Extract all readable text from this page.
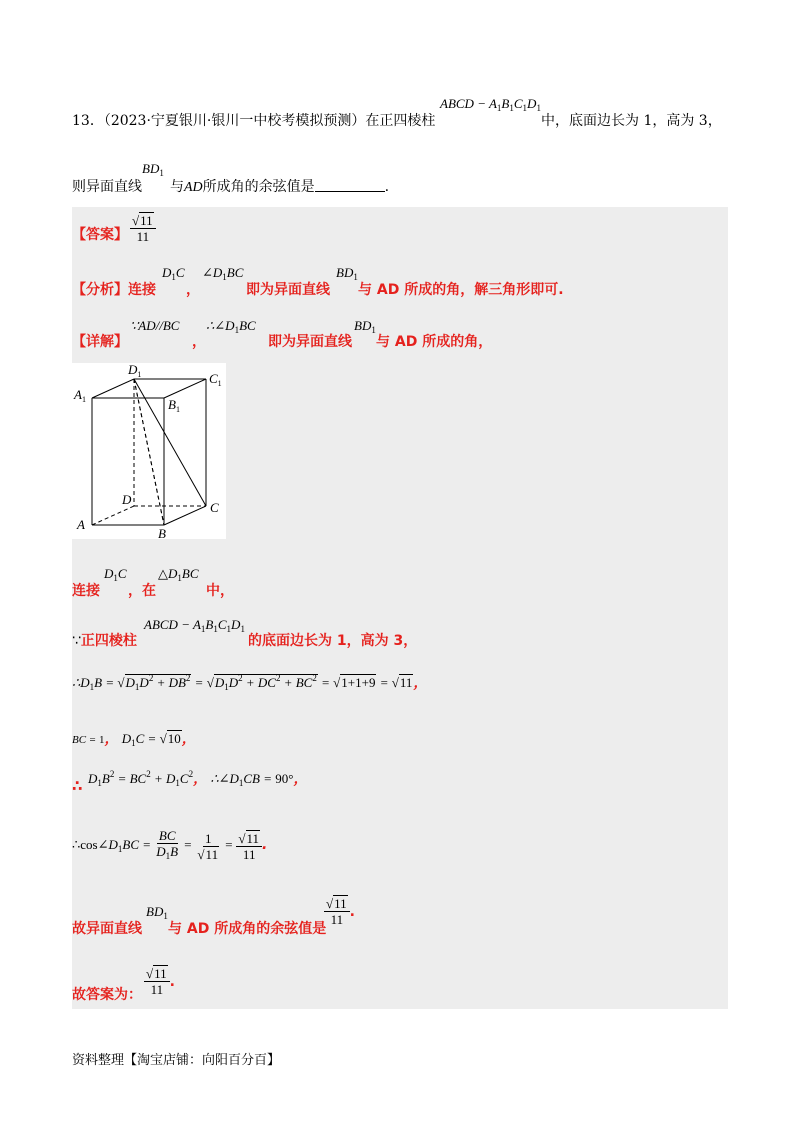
13．（2023·宁夏银川·银川一中校考模拟预测）在正四棱柱
ABCD − $A_1B_1C_1D_1$
中，底面边长为 1，高为 3，
则异面直线
$BD_1$
与AD所成角的余弦值是	.
【答案】 $\frac{√11}{11}$
【分析】连接
$D_1C$
，
$\angle D_1BC$
即为异面直线
$BD_1$
与 AD 所成的角，解三角形即可.
【详解】
∵AD//BC
，
$\therefore\angle D_1BC$
即为异面直线
$BD_1$
与 AD 所成的角，
$D_1$	$C_1$
$A_1$	$B_1$
D
C
A
B
连接
$D_1C$
，在
$\triangle D_1BC$
中，
∵正四棱柱
ABCD − $A_1B_1C_1D_1$
的底面边长为 1，高为 3，
$\therefore D_1B = √D_1D^2 + DB^2 = √D_1D^2 + DC^2 + BC^2 = √1+1+9 = √11$，
BC = 1， $D_1C = √10$，
∴ $D_1B^2 = BC^2 + D_1C^2$， $\therefore\angle D_1CB = 90^\circ$，
$\therefore\cos\angle D_1BC = \frac{BC}{D_1B} = \frac{1}{√11} = \frac{√11}{11}$ .
故异面直线
$BD_1$
与 AD 所成角的余弦值是
$\frac{√11}{11}$ .
故答案为： $\frac{√11}{11}$ .
资料整理【淘宝店铺：向阳百分百】
